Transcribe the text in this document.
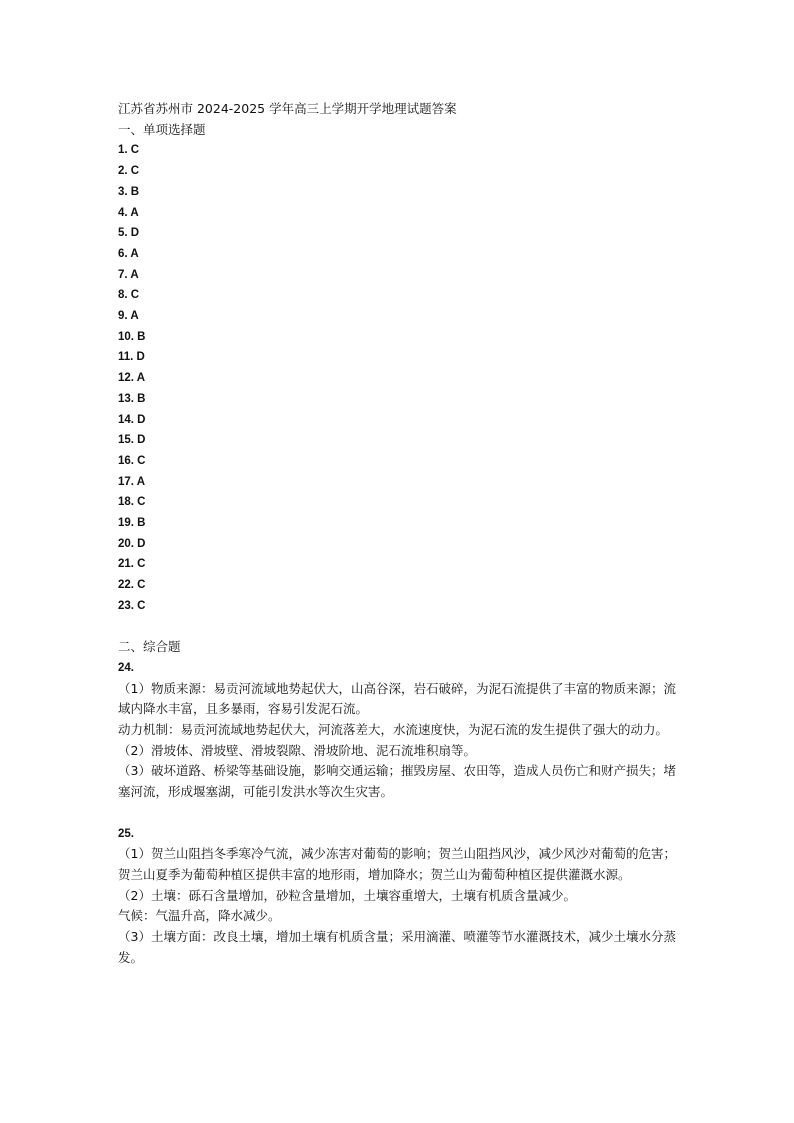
江苏省苏州市 2024-2025 学年高三上学期开学地理试题答案
一、单项选择题
1. C
2. C
3. B
4. A
5. D
6. A
7. A
8. C
9. A
10. B
11. D
12. A
13. B
14. D
15. D
16. C
17. A
18. C
19. B
20. D
21. C
22. C
23. C
二、综合题
24.

（1）物质来源：易贡河流域地势起伏大，山高谷深，岩石破碎，为泥石流提供了丰富的物质来源；流域内降水丰富，且多暴雨，容易引发泥石流。

动力机制：易贡河流域地势起伏大，河流落差大，水流速度快，为泥石流的发生提供了强大的动力。

（2）滑坡体、滑坡壁、滑坡裂隙、滑坡阶地、泥石流堆积扇等。

（3）破坏道路、桥梁等基础设施，影响交通运输；摧毁房屋、农田等，造成人员伤亡和财产损失；堵塞河流，形成堰塞湖，可能引发洪水等次生灾害。

25.

（1）贺兰山阻挡冬季寒冷气流，减少冻害对葡萄的影响；贺兰山阻挡风沙，减少风沙对葡萄的危害；贺兰山夏季为葡萄种植区提供丰富的地形雨，增加降水；贺兰山为葡萄种植区提供灌溉水源。

（2）土壤：砾石含量增加，砂粒含量增加，土壤容重增大，土壤有机质含量减少。

气候：气温升高，降水减少。

（3）土壤方面：改良土壤，增加土壤有机质含量；采用滴灌、喷灌等节水灌溉技术，减少土壤水分蒸发。
